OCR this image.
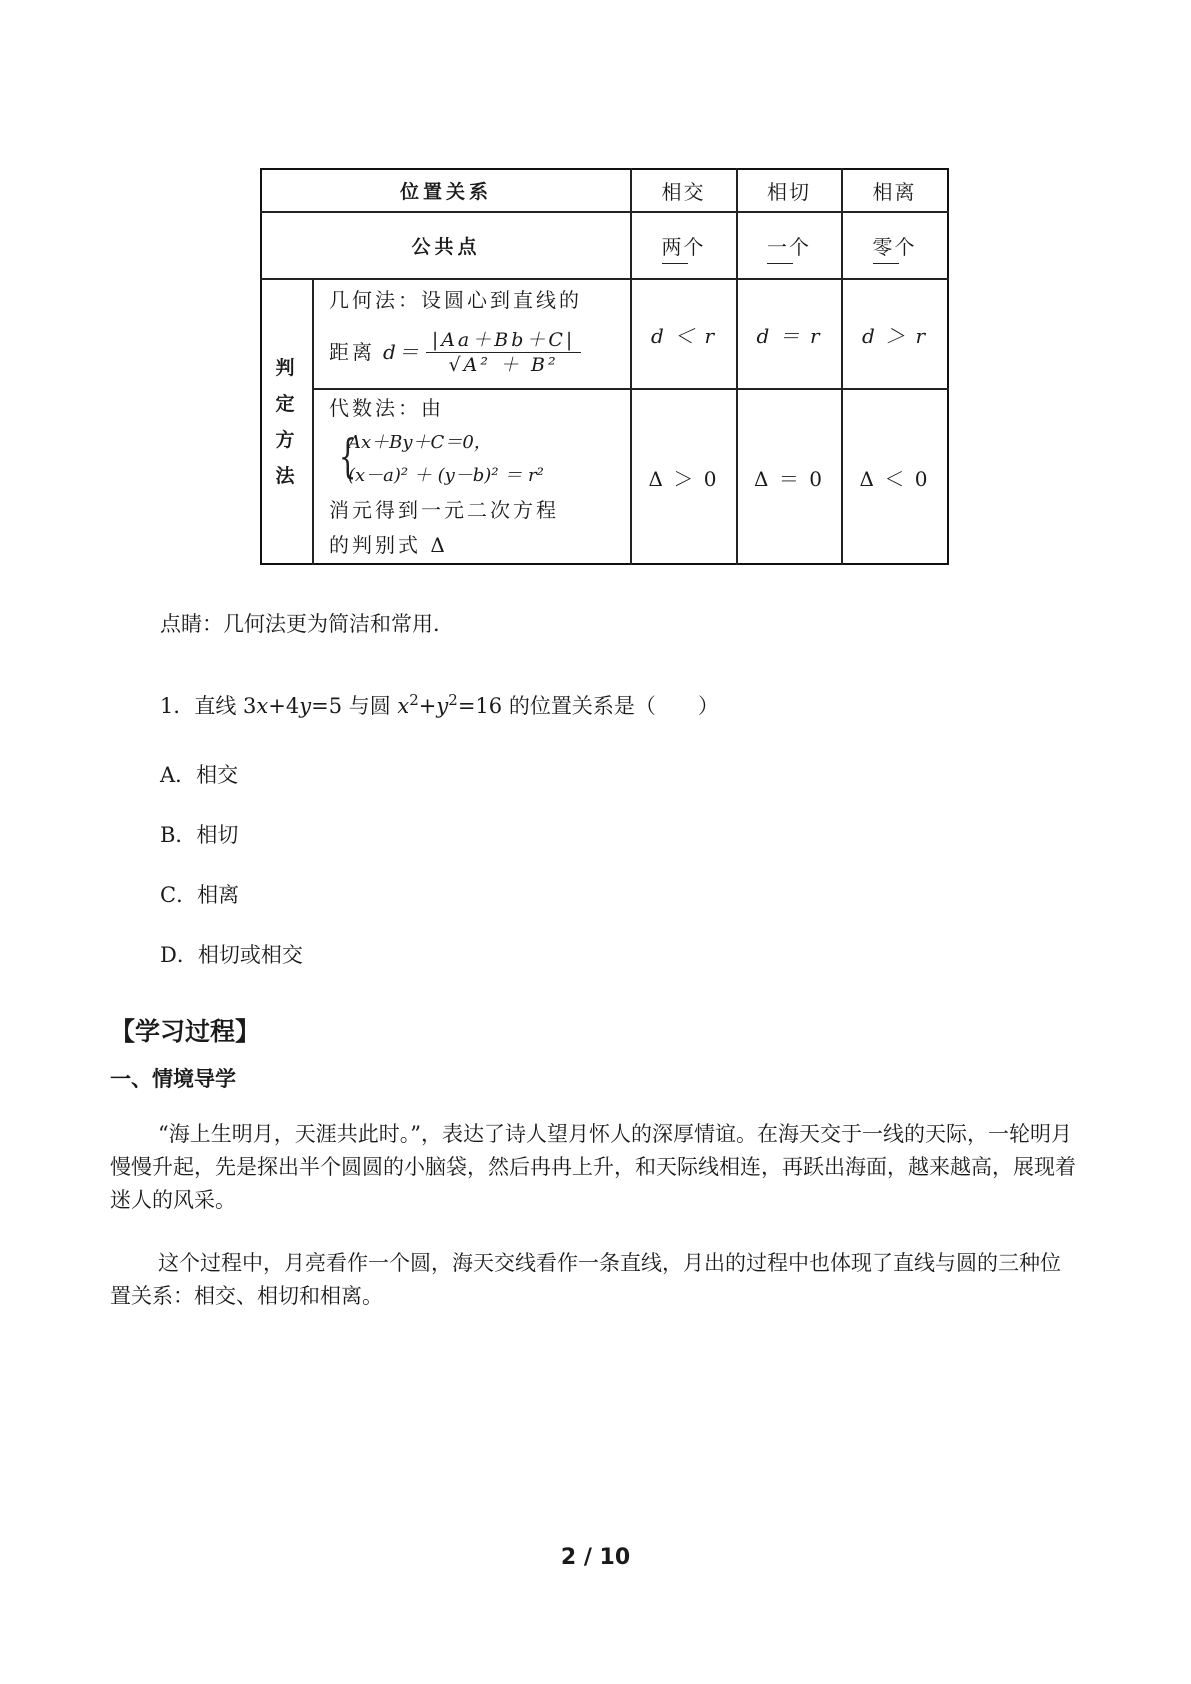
位置关系	相交	相切	相离
公共点	两个	一个	零个
判
定
方
法
几何法：设圆心到直线的
距离 $d= \frac{|Aa+Bb+C|}{\text{√A² ＋ B²}}$	d ＜ r	d ＝ r	d ＞ r
代数法：由
{
Ax＋By＋C＝0，
(x－a)² ＋ (y－b)² ＝ r²
消元得到一元二次方程
的判别式 Δ
Δ ＞ 0	Δ ＝ 0	Δ ＜ 0
点睛：几何法更为简洁和常用．
1．直线 3x+4y=5 与圆 $x^2+y^2=16$ 的位置关系是（　　）
A．相交
B．相切
C．相离
D．相切或相交
【学习过程】
一、情境导学
“海上生明月，天涯共此时。”，表达了诗人望月怀人的深厚情谊。在海天交于一线的天际，一轮明月慢慢升起，先是探出半个圆圆的小脑袋，然后冉冉上升，和天际线相连，再跃出海面，越来越高，展现着迷人的风采。
这个过程中，月亮看作一个圆，海天交线看作一条直线，月出的过程中也体现了直线与圆的三种位置关系：相交、相切和相离。
2 / 10
